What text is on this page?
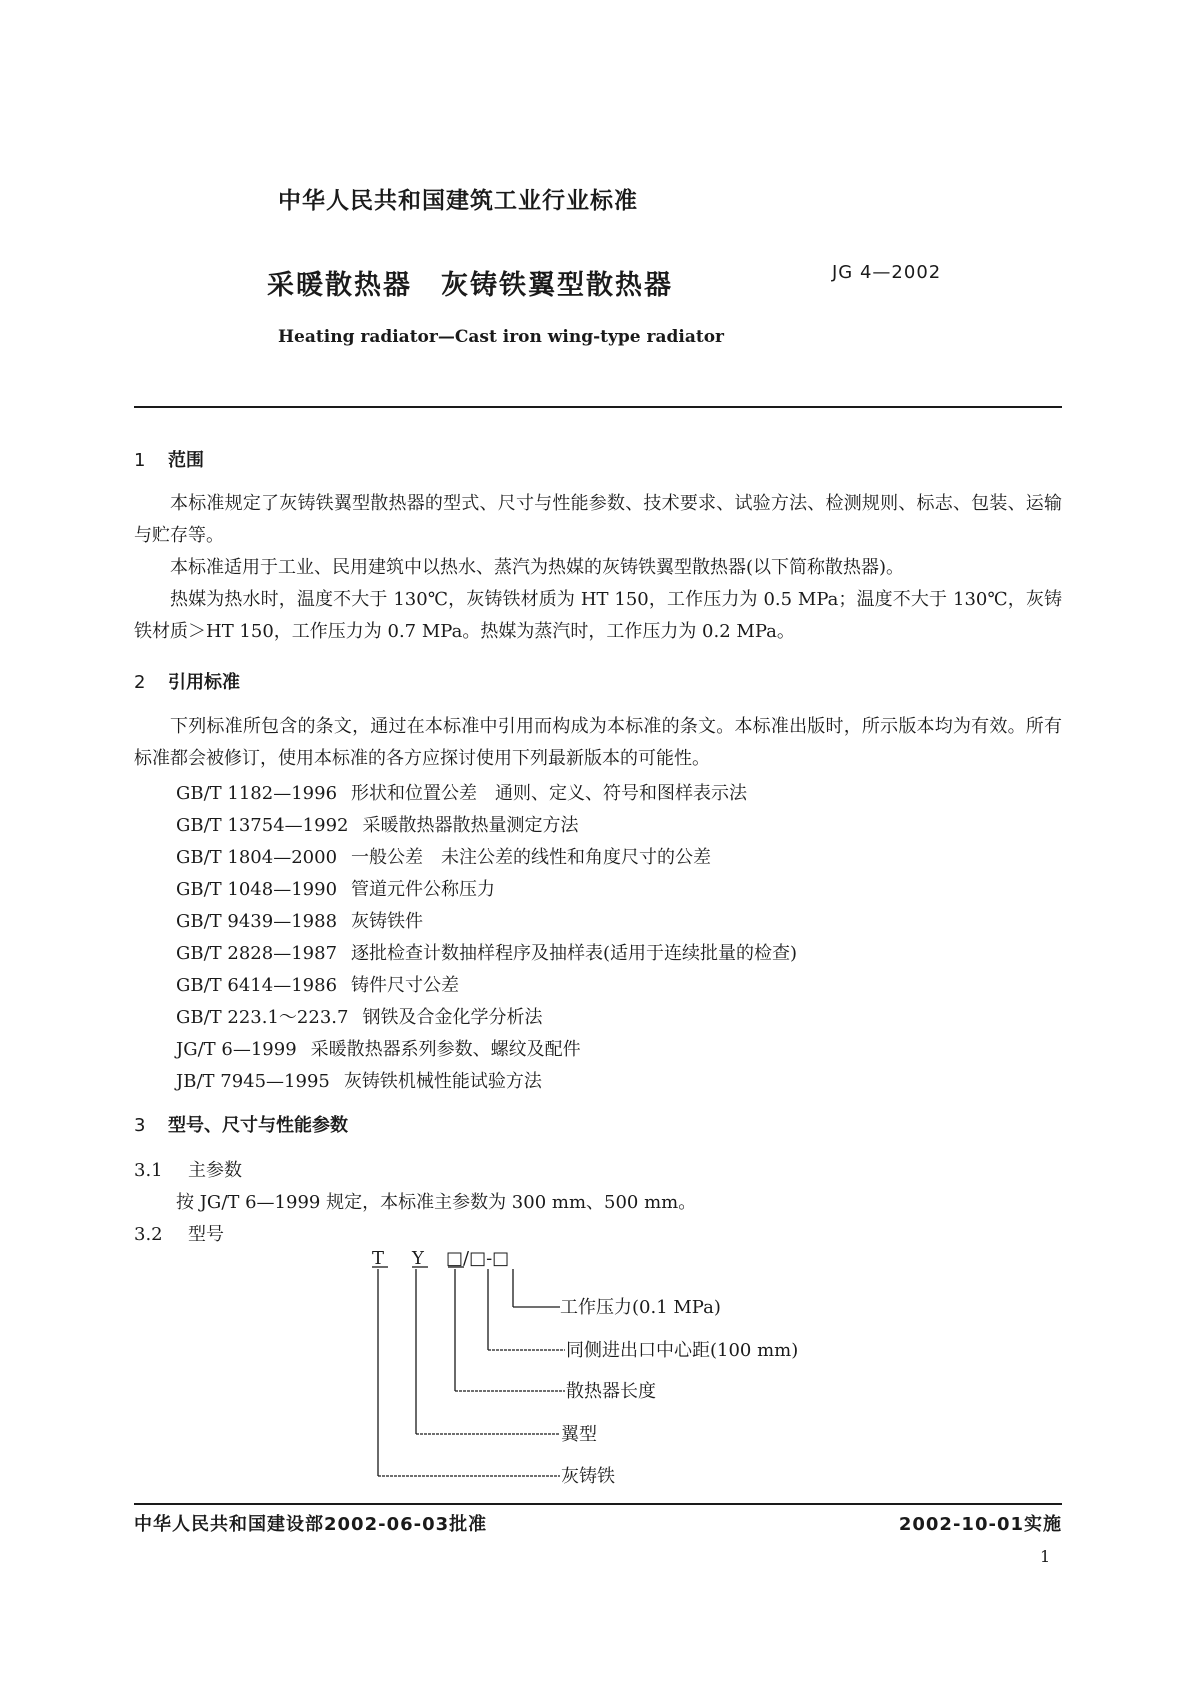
中华人民共和国建筑工业行业标准
采暖散热器　灰铸铁翼型散热器	JG 4—2002
Heating radiator—Cast iron wing-type radiator
1 范围
本标准规定了灰铸铁翼型散热器的型式、尺寸与性能参数、技术要求、试验方法、检测规则、标志、包装、运输与贮存等。
本标准适用于工业、民用建筑中以热水、蒸汽为热媒的灰铸铁翼型散热器(以下简称散热器)。
热媒为热水时，温度不大于 130℃，灰铸铁材质为 HT 150，工作压力为 0.5 MPa；温度不大于 130℃，灰铸铁材质＞HT 150，工作压力为 0.7 MPa。热媒为蒸汽时，工作压力为 0.2 MPa。
2 引用标准
下列标准所包含的条文，通过在本标准中引用而构成为本标准的条文。本标准出版时，所示版本均为有效。所有标准都会被修订，使用本标准的各方应探讨使用下列最新版本的可能性。
GB/T 1182—1996 形状和位置公差　通则、定义、符号和图样表示法
GB/T 13754—1992 采暖散热器散热量测定方法
GB/T 1804—2000 一般公差　未注公差的线性和角度尺寸的公差
GB/T 1048—1990 管道元件公称压力
GB/T 9439—1988 灰铸铁件
GB/T 2828—1987 逐批检查计数抽样程序及抽样表(适用于连续批量的检查)
GB/T 6414—1986 铸件尺寸公差
GB/T 223.1～223.7 钢铁及合金化学分析法
JG/T 6—1999 采暖散热器系列参数、螺纹及配件
JB/T 7945—1995 灰铸铁机械性能试验方法
3 型号、尺寸与性能参数
3.1 主参数
按 JG/T 6—1999 规定，本标准主参数为 300 mm、500 mm。
3.2 型号
T Y □/□-□
工作压力(0.1 MPa)
同侧进出口中心距(100 mm)
散热器长度
翼型
灰铸铁
中华人民共和国建设部2002-06-03批准	2002-10-01实施
1
